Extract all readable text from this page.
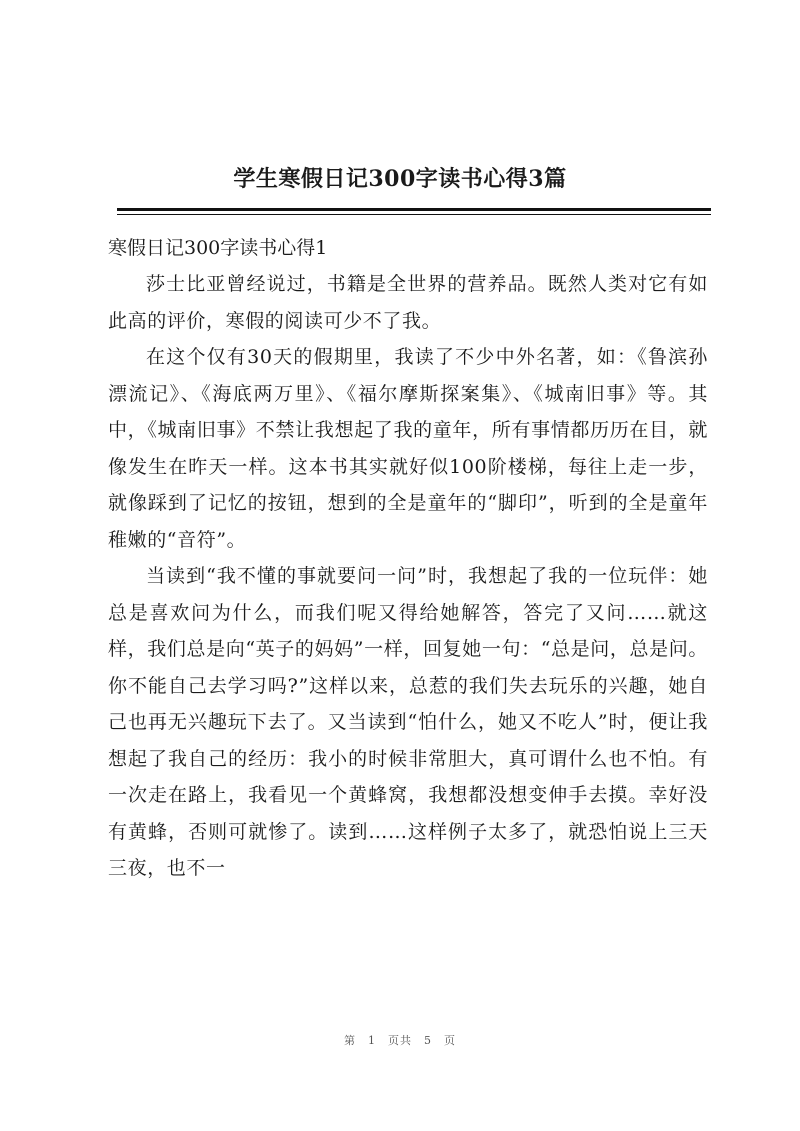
学生寒假日记300字读书心得3篇

寒假日记300字读书心得1

莎士比亚曾经说过，书籍是全世界的营养品。既然人类对它有如此高的评价，寒假的阅读可少不了我。

在这个仅有30天的假期里，我读了不少中外名著，如：《鲁滨孙漂流记》、《海底两万里》、《福尔摩斯探案集》、《城南旧事》等。其中，《城南旧事》不禁让我想起了我的童年，所有事情都历历在目，就像发生在昨天一样。这本书其实就好似100阶楼梯，每往上走一步，就像踩到了记忆的按钮，想到的全是童年的“脚印”，听到的全是童年稚嫩的“音符”。

当读到“我不懂的事就要问一问”时，我想起了我的一位玩伴：她总是喜欢问为什么，而我们呢又得给她解答，答完了又问……就这样，我们总是向“英子的妈妈”一样，回复她一句：“总是问，总是问。你不能自己去学习吗?”这样以来，总惹的我们失去玩乐的兴趣，她自己也再无兴趣玩下去了。又当读到“怕什么，她又不吃人”时，便让我想起了我自己的经历：我小的时候非常胆大，真可谓什么也不怕。有一次走在路上，我看见一个黄蜂窝，我想都没想变伸手去摸。幸好没有黄蜂，否则可就惨了。读到……这样例子太多了，就恐怕说上三天三夜，也不一

第 1 页共 5 页
